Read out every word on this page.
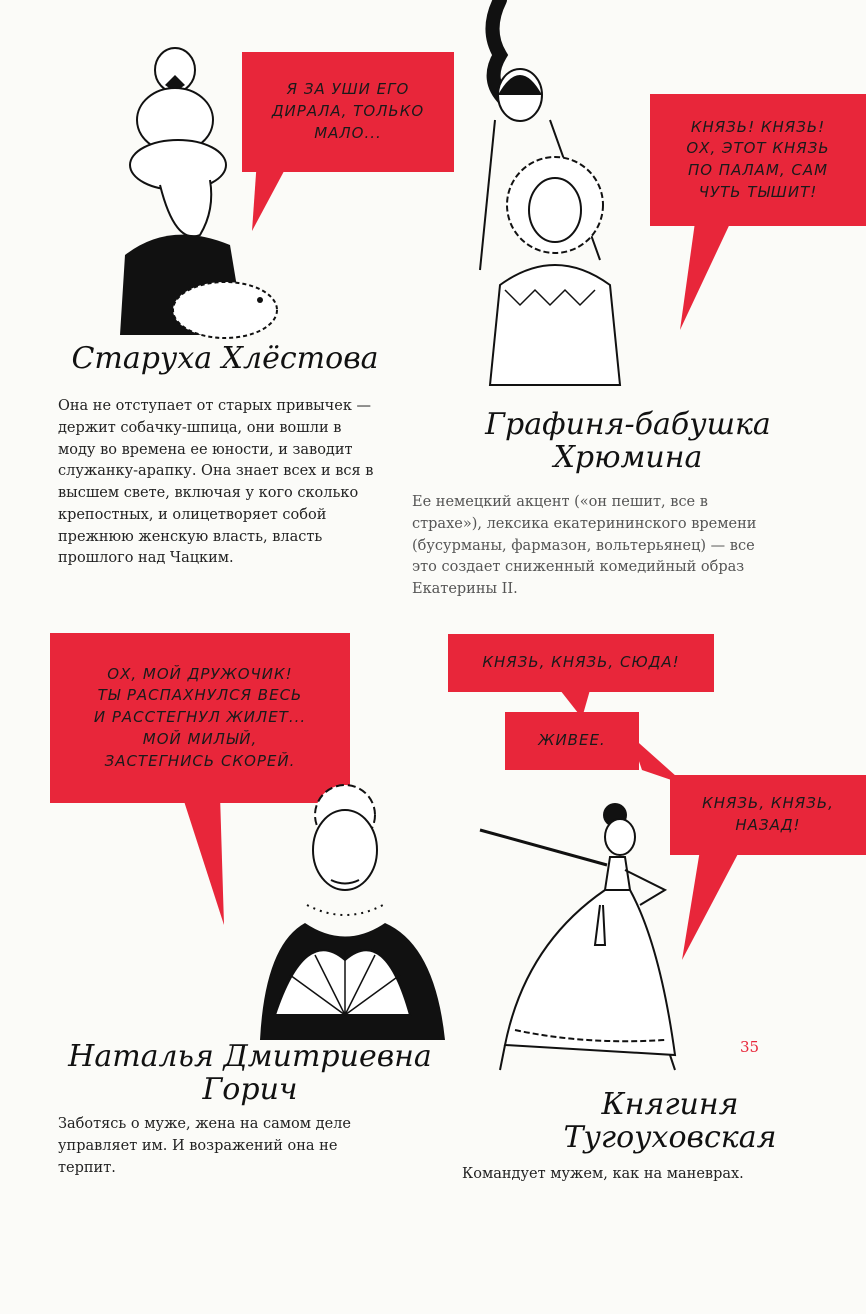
Я ЗА УШИ ЕГО
ДИРАЛА, ТОЛЬКО
МАЛО...
Старуха Хлёстова

Она не отступает от старых привычек — держит собачку-шпица, они вошли в моду во времена ее юности, и заводит служанку-арапку. Она знает всех и вся в высшем свете, включая у кого сколько крепостных, и олицетворяет собой прежнюю женскую власть, власть прошлого над Чацким.

КНЯЗЬ! КНЯЗЬ!
ОХ, ЭТОТ КНЯЗЬ
ПО ПАЛАМ, САМ
ЧУТЬ ТЫШИТ!
Графиня-бабушка
Хрюмина

Ее немецкий акцент («он пешит, все в страхе»), лексика екатерининского времени (бусурманы, фармазон, вольтерьянец) — все это создает сниженный комедийный образ Екатерины II.

ОХ, МОЙ ДРУЖОЧИК!
ТЫ РАСПАХНУЛСЯ ВЕСЬ
И РАССТЕГНУЛ ЖИЛЕТ...
МОЙ МИЛЫЙ,
ЗАСТЕГНИСЬ СКОРЕЙ.
Наталья Дмитриевна
Горич

Заботясь о муже, жена на самом деле управляет им. И возражений она не терпит.

КНЯЗЬ, КНЯЗЬ, СЮДА!
ЖИВЕЕ.
КНЯЗЬ, КНЯЗЬ,
НАЗАД!
Княгиня
Тугоуховская

Командует мужем, как на маневрах.

35
